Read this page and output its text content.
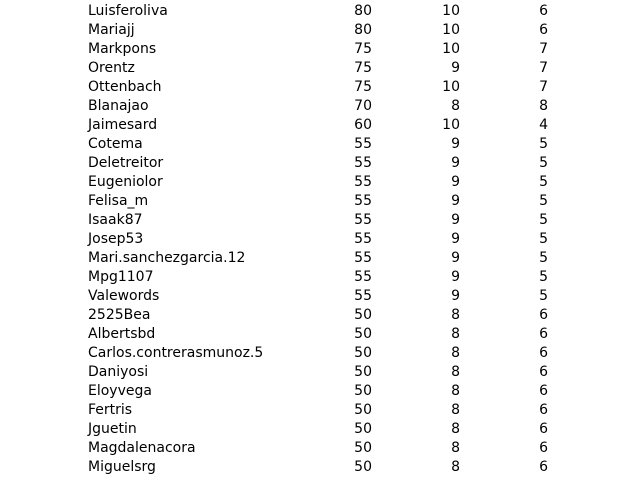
Luisferoliva	80	10	6
Mariajj	80	10	6
Markpons	75	10	7
Orentz	75	9	7
Ottenbach	75	10	7
Blanajao	70	8	8
Jaimesard	60	10	4
Cotema	55	9	5
Deletreitor	55	9	5
Eugeniolor	55	9	5
Felisa_m	55	9	5
Isaak87	55	9	5
Josep53	55	9	5
Mari.sanchezgarcia.12	55	9	5
Mpg1107	55	9	5
Valewords	55	9	5
2525Bea	50	8	6
Albertsbd	50	8	6
Carlos.contrerasmunoz.5	50	8	6
Daniyosi	50	8	6
Eloyvega	50	8	6
Fertris	50	8	6
Jguetin	50	8	6
Magdalenacora	50	8	6
Miguelsrg	50	8	6
